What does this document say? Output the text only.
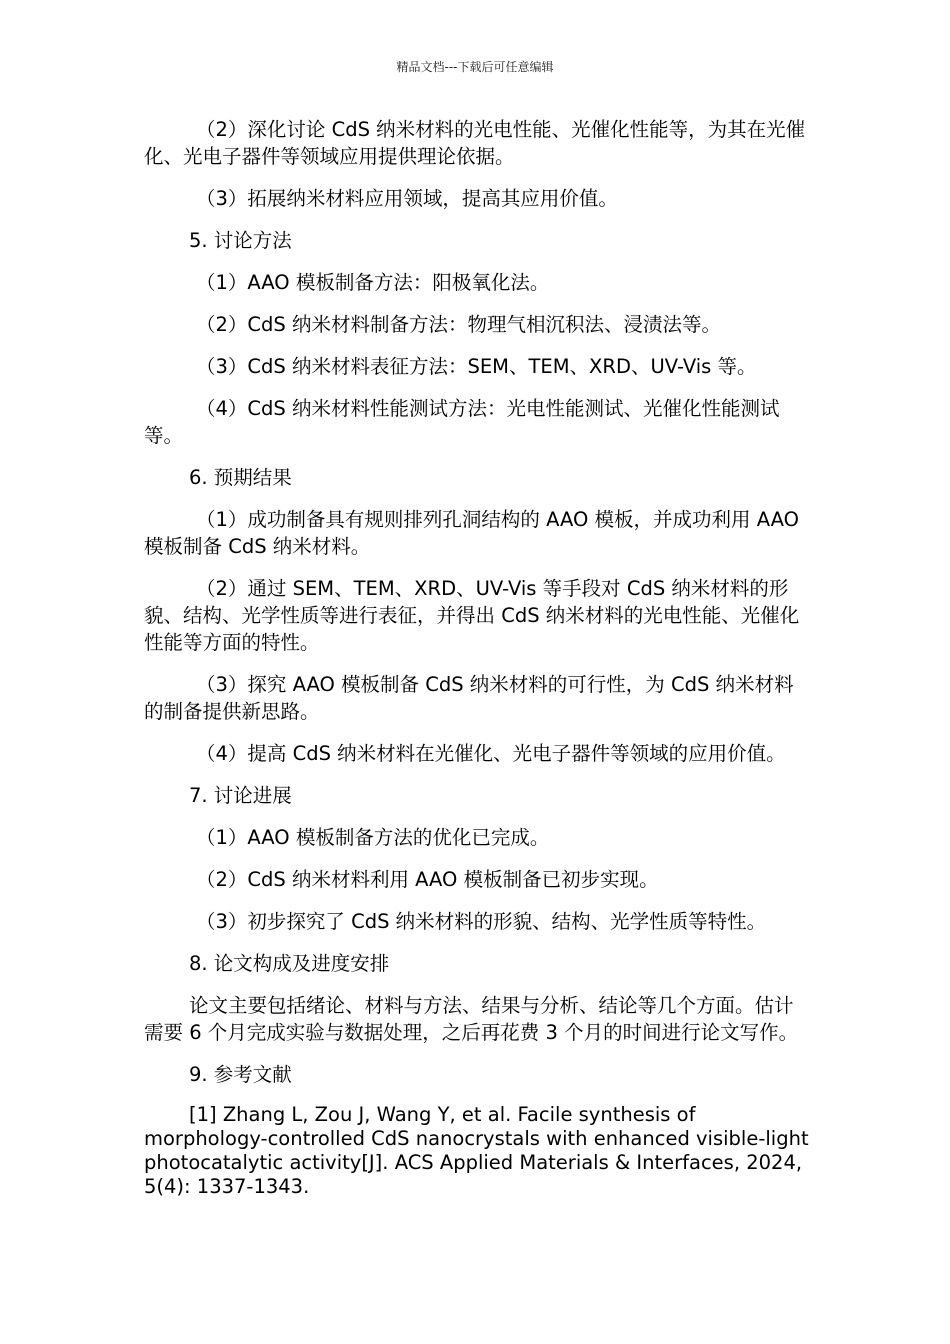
精品文档---下载后可任意编辑

（2）深化讨论 CdS 纳米材料的光电性能、光催化性能等，为其在光催化、光电子器件等领域应用提供理论依据。

（3）拓展纳米材料应用领域，提高其应用价值。

5. 讨论方法

（1）AAO 模板制备方法：阳极氧化法。

（2）CdS 纳米材料制备方法：物理气相沉积法、浸渍法等。

（3）CdS 纳米材料表征方法：SEM、TEM、XRD、UV-Vis 等。

（4）CdS 纳米材料性能测试方法：光电性能测试、光催化性能测试等。

6. 预期结果

（1）成功制备具有规则排列孔洞结构的 AAO 模板，并成功利用 AAO 模板制备 CdS 纳米材料。

（2）通过 SEM、TEM、XRD、UV-Vis 等手段对 CdS 纳米材料的形貌、结构、光学性质等进行表征，并得出 CdS 纳米材料的光电性能、光催化性能等方面的特性。

（3）探究 AAO 模板制备 CdS 纳米材料的可行性，为 CdS 纳米材料的制备提供新思路。

（4）提高 CdS 纳米材料在光催化、光电子器件等领域的应用价值。

7. 讨论进展

（1）AAO 模板制备方法的优化已完成。

（2）CdS 纳米材料利用 AAO 模板制备已初步实现。

（3）初步探究了 CdS 纳米材料的形貌、结构、光学性质等特性。

8. 论文构成及进度安排

论文主要包括绪论、材料与方法、结果与分析、结论等几个方面。估计需要 6 个月完成实验与数据处理，之后再花费 3 个月的时间进行论文写作。

9. 参考文献

[1] Zhang L, Zou J, Wang Y, et al. Facile synthesis of morphology-controlled CdS nanocrystals with enhanced visible-light photocatalytic activity[J]. ACS Applied Materials & Interfaces, 2024, 5(4): 1337-1343.
